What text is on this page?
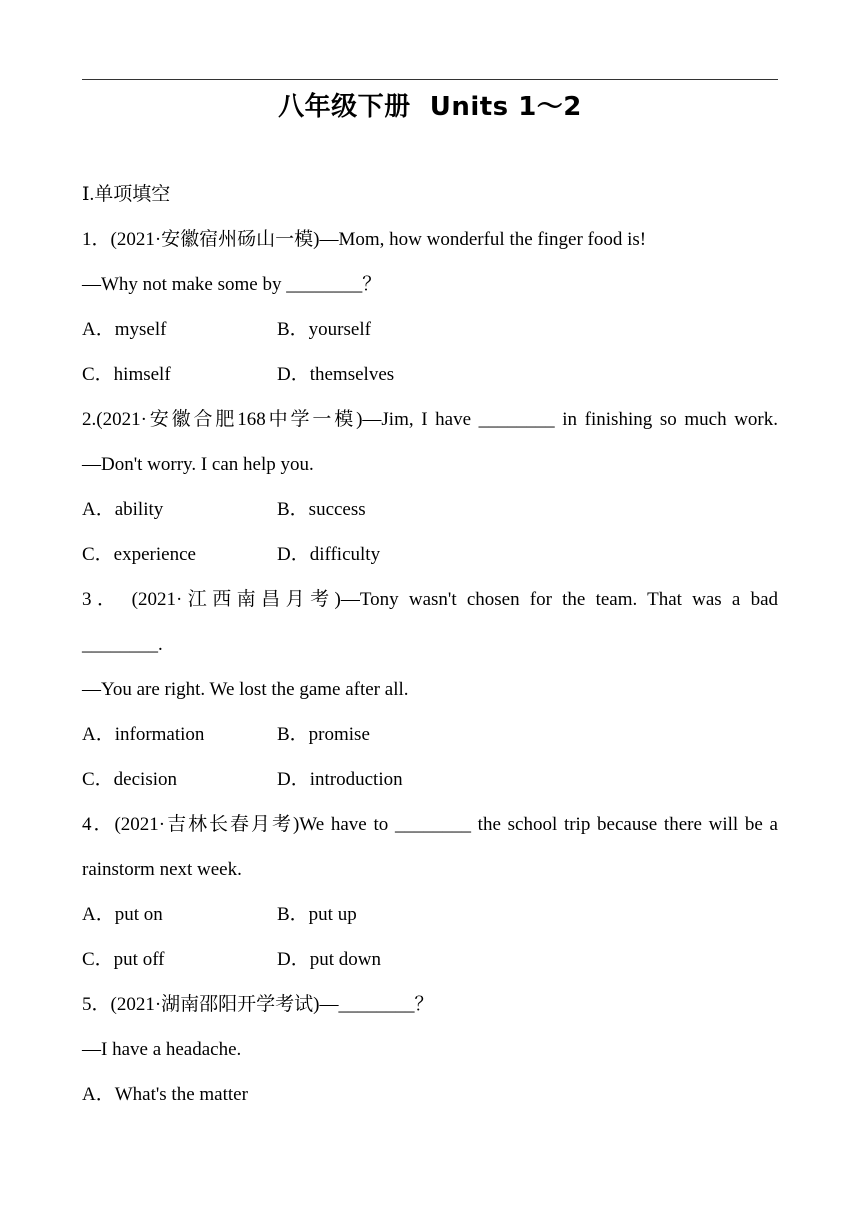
八年级下册  Units 1～2
Ⅰ.单项填空
1．(2021·安徽宿州砀山一模)—Mom, how wonderful the finger food is!
—Why not make some by ________？
A．myself	B．yourself
C．himself	D．themselves
2.(2021·安徽合肥168中学一模)—Jim, I have ________ in finishing so much work.
—Don't worry. I can help you.
A．ability	B．success
C．experience	D．difficulty
3． (2021·江西南昌月考)—Tony wasn't chosen for the team. That was a bad
________.
—You are right. We lost the game after all.
A．information	B．promise
C．decision	D．introduction
4．(2021·吉林长春月考)We have to ________ the school trip because there will be a
rainstorm next week.
A．put on	B．put up
C．put off	D．put down
5．(2021·湖南邵阳开学考试)—________？
—I have a headache.
A．What's the matter
